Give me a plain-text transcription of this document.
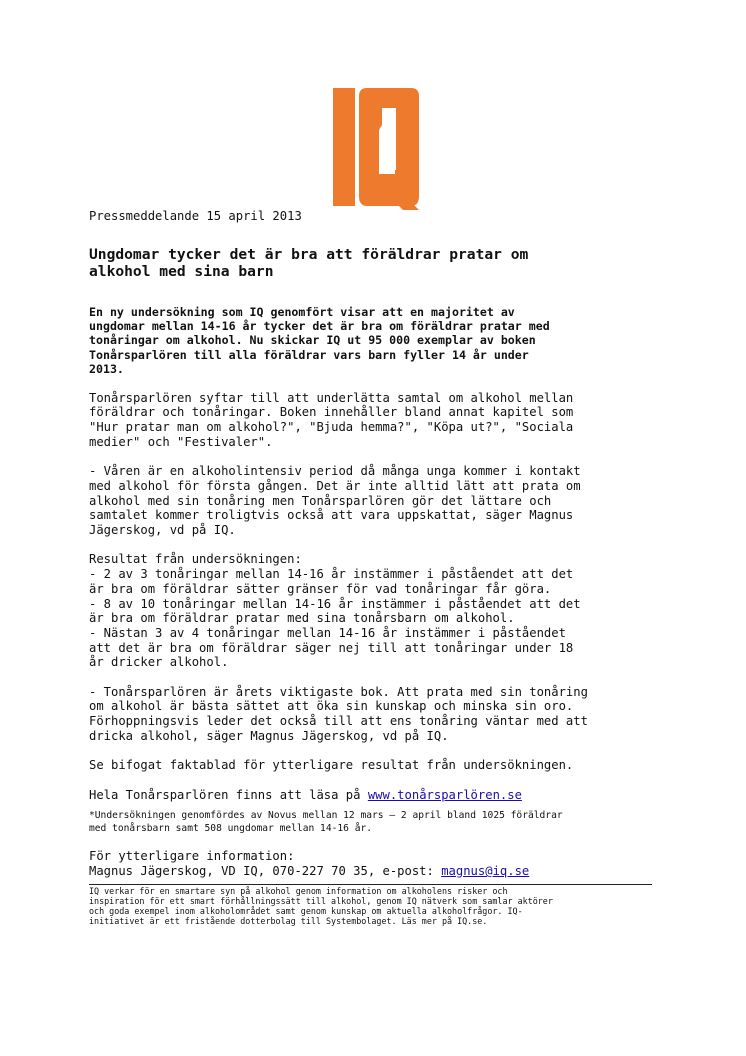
Pressmeddelande 15 april 2013

Ungdomar tycker det är bra att föräldrar pratar om
alkohol med sina barn

En ny undersökning som IQ genomfört visar att en majoritet av
ungdomar mellan 14-16 år tycker det är bra om föräldrar pratar med
tonåringar om alkohol. Nu skickar IQ ut 95 000 exemplar av boken
Tonårsparlören till alla föräldrar vars barn fyller 14 år under
2013.

Tonårsparlören syftar till att underlätta samtal om alkohol mellan
föräldrar och tonåringar. Boken innehåller bland annat kapitel som
"Hur pratar man om alkohol?", "Bjuda hemma?", "Köpa ut?", "Sociala
medier" och "Festivaler".

- Våren är en alkoholintensiv period då många unga kommer i kontakt
med alkohol för första gången. Det är inte alltid lätt att prata om
alkohol med sin tonåring men Tonårsparlören gör det lättare och
samtalet kommer troligtvis också att vara uppskattat, säger Magnus
Jägerskog, vd på IQ.

Resultat från undersökningen:
- 2 av 3 tonåringar mellan 14-16 år instämmer i påståendet att det
är bra om föräldrar sätter gränser för vad tonåringar får göra.
- 8 av 10 tonåringar mellan 14-16 år instämmer i påståendet att det
är bra om föräldrar pratar med sina tonårsbarn om alkohol.
- Nästan 3 av 4 tonåringar mellan 14-16 år instämmer i påståendet
att det är bra om föräldrar säger nej till att tonåringar under 18
år dricker alkohol.

- Tonårsparlören är årets viktigaste bok. Att prata med sin tonåring
om alkohol är bästa sättet att öka sin kunskap och minska sin oro.
Förhoppningsvis leder det också till att ens tonåring väntar med att
dricka alkohol, säger Magnus Jägerskog, vd på IQ.

Se bifogat faktablad för ytterligare resultat från undersökningen.

Hela Tonårsparlören finns att läsa på www.tonårsparlören.se

*Undersökningen genomfördes av Novus mellan 12 mars – 2 april bland 1025 föräldrar
med tonårsbarn samt 508 ungdomar mellan 14-16 år.

För ytterligare information:
Magnus Jägerskog, VD IQ, 070-227 70 35, e-post: magnus@iq.se

IQ verkar för en smartare syn på alkohol genom information om alkoholens risker och
inspiration för ett smart förhållningssätt till alkohol, genom IQ nätverk som samlar aktörer
och goda exempel inom alkoholområdet samt genom kunskap om aktuella alkoholfrågor. IQ-
initiativet är ett fristående dotterbolag till Systembolaget. Läs mer på IQ.se.
